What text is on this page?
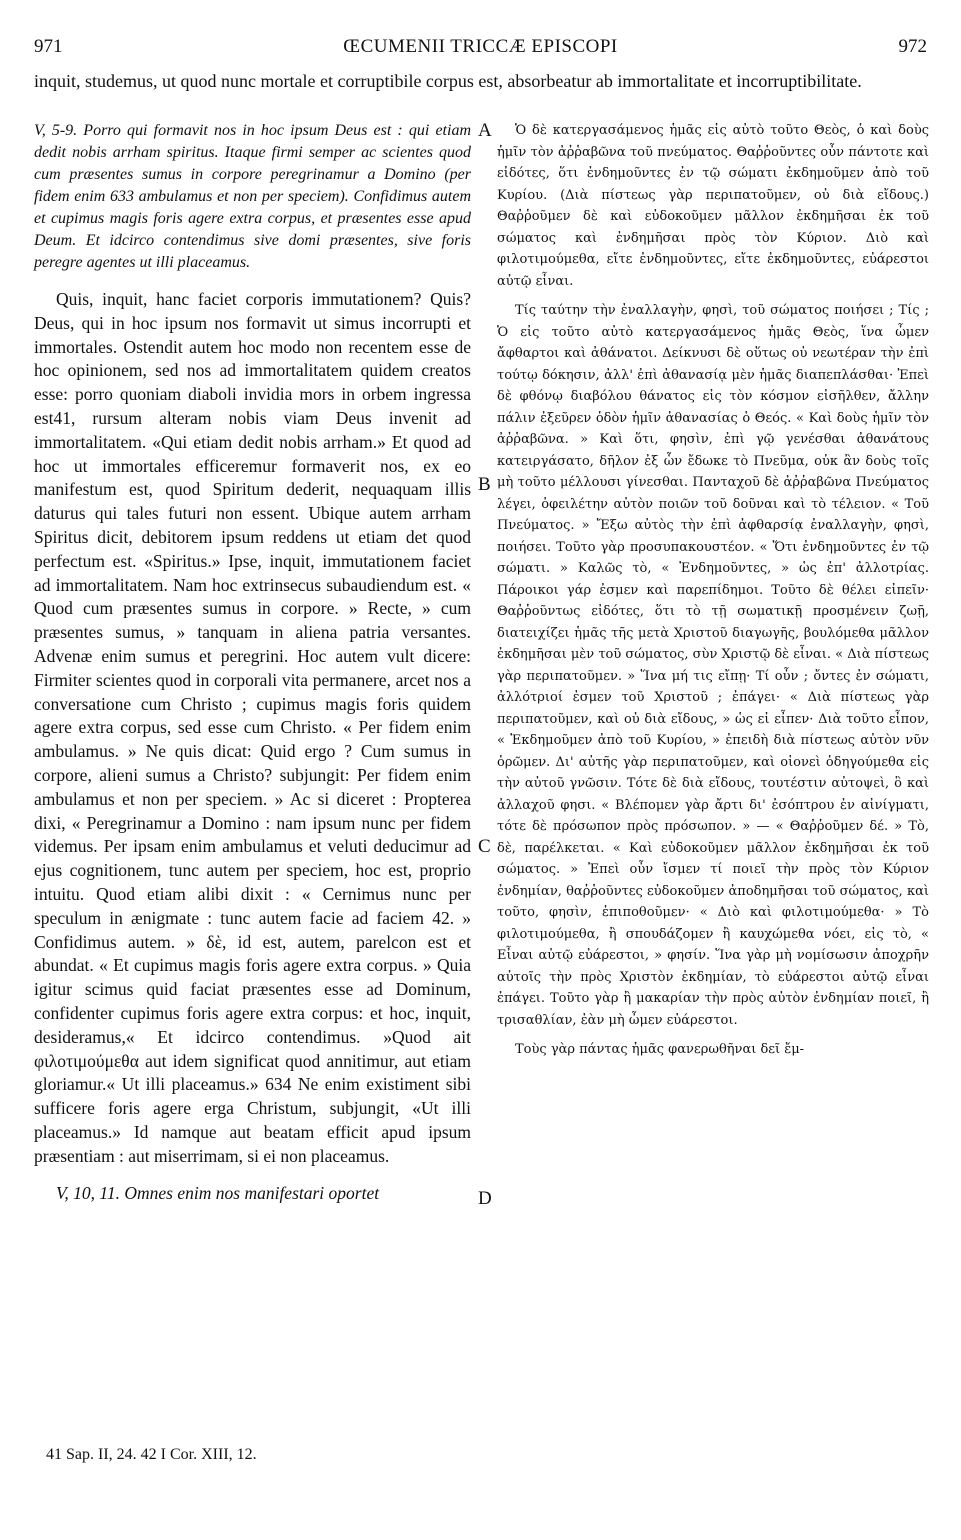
971	ŒCUMENII TRICCÆ EPISCOPI	972
inquit, studemus, ut quod nunc mortale et corruptibile corpus est, absorbeatur ab immortalitate et incorruptibilitate.

V, 5-9. Porro qui formavit nos in hoc ipsum Deus est : qui etiam dedit nobis arrham spiritus. Itaque firmi semper ac scientes quod cum præsentes sumus in corpore peregrinamur a Domino (per fidem enim 633 ambulamus et non per speciem). Confidimus autem et cupimus magis foris agere extra corpus, et præsentes esse apud Deum. Et idcirco contendimus sive domi præsentes, sive foris peregre agentes ut illi placeamus.

Quis, inquit, hanc faciet corporis immutationem? Quis? Deus, qui in hoc ipsum nos formavit ut simus incorrupti et immortales. Ostendit autem hoc modo non recentem esse de hoc opinionem, sed nos ad immortalitatem quidem creatos esse: porro quoniam diaboli invidia mors in orbem ingressa est41, rursum alteram nobis viam Deus invenit ad immortalitatem. «Qui etiam dedit nobis arrham.» Et quod ad hoc ut immortales efficeremur formaverit nos, ex eo manifestum est, quod Spiritum dederit, nequaquam illis daturus qui tales futuri non essent. Ubique autem arrham Spiritus dicit, debitorem ipsum reddens ut etiam det quod perfectum est. «Spiritus.» Ipse, inquit, immutationem faciet ad immortalitatem. Nam hoc extrinsecus subaudiendum est. « Quod cum præsentes sumus in corpore. » Recte, » cum præsentes sumus, » tanquam in aliena patria versantes. Advenæ enim sumus et peregrini. Hoc autem vult dicere: Firmiter scientes quod in corporali vita permanere, arcet nos a conversatione cum Christo ; cupimus magis foris quidem agere extra corpus, sed esse cum Christo. « Per fidem enim ambulamus. » Ne quis dicat: Quid ergo ? Cum sumus in corpore, alieni sumus a Christo? subjungit: Per fidem enim ambulamus et non per speciem. » Ac si diceret : Propterea dixi, « Peregrinamur a Domino : nam ipsum nunc per fidem videmus. Per ipsam enim ambulamus et veluti deducimur ad ejus cognitionem, tunc autem per speciem, hoc est, proprio intuitu. Quod etiam alibi dixit : « Cernimus nunc per speculum in ænigmate : tunc autem facie ad faciem 42. » Confidimus autem. » δὲ, id est, autem, parelcon est et abundat. « Et cupimus magis foris agere extra corpus. » Quia igitur scimus quid faciat præsentes esse ad Dominum, confidenter cupimus foris agere extra corpus: et hoc, inquit, desideramus,« Et idcirco contendimus. »Quod ait φιλοτιμούμεθα aut idem significat quod annitimur, aut etiam gloriamur.« Ut illi placeamus.» 634 Ne enim existiment sibi sufficere foris agere erga Christum, subjungit, «Ut illi placeamus.» Id namque aut beatam efficit apud ipsum præsentiam : aut miserrimam, si ei non placeamus.

V, 10, 11. Omnes enim nos manifestari oportet

A
B
C
D

Ὁ δὲ κατεργασάμενος ἡμᾶς εἰς αὐτὸ τοῦτο Θεὸς, ὁ καὶ δοὺς ἡμῖν τὸν ἀῤῥαβῶνα τοῦ πνεύματος. Θαῤῥοῦντες οὖν πάντοτε καὶ εἰδότες, ὅτι ἐνδημοῦντες ἐν τῷ σώματι ἐκδημοῦμεν ἀπὸ τοῦ Κυρίου. (Διὰ πίστεως γὰρ περιπατοῦμεν, οὐ διὰ εἴδους.) Θαῤῥοῦμεν δὲ καὶ εὐδοκοῦμεν μᾶλλον ἐκδημῆσαι ἐκ τοῦ σώματος καὶ ἐνδημῆσαι πρὸς τὸν Κύριον. Διὸ καὶ φιλοτιμούμεθα, εἴτε ἐνδημοῦντες, εἴτε ἐκδημοῦντες, εὐάρεστοι αὐτῷ εἶναι.

Τίς ταύτην τὴν ἐναλλαγὴν, φησὶ, τοῦ σώματος ποιήσει ; Τίς ; Ὁ εἰς τοῦτο αὐτὸ κατεργασάμενος ἡμᾶς Θεὸς, ἵνα ὦμεν ἄφθαρτοι καὶ ἀθάνατοι. Δείκνυσι δὲ οὕτως οὐ νεωτέραν τὴν ἐπὶ τούτῳ δόκησιν, ἀλλ' ἐπὶ ἀθανασίᾳ μὲν ἡμᾶς διαπεπλάσθαι· Ἐπεὶ δὲ φθόνῳ διαβόλου θάνατος εἰς τὸν κόσμον εἰσῆλθεν, ἄλλην πάλιν ἐξεῦρεν ὁδὸν ἡμῖν ἀθανασίας ὁ Θεός. « Καὶ δοὺς ἡμῖν τὸν ἀῤῥαβῶνα. » Καὶ ὅτι, φησὶν, ἐπὶ γῷ γενέσθαι ἀθανάτους κατειργάσατο, δῆλον ἐξ ὧν ἔδωκε τὸ Πνεῦμα, οὐκ ἂν δοὺς τοῖς μὴ τοῦτο μέλλουσι γίνεσθαι. Πανταχοῦ δὲ ἀῤῥαβῶνα Πνεύματος λέγει, ὀφειλέτην αὐτὸν ποιῶν τοῦ δοῦναι καὶ τὸ τέλειον. « Τοῦ Πνεύματος. » Ἔξω αὐτὸς τὴν ἐπὶ ἀφθαρσίᾳ ἐναλλαγὴν, φησὶ, ποιήσει. Τοῦτο γὰρ προσυπακουστέον. « Ὅτι ἐνδημοῦντες ἐν τῷ σώματι. » Καλῶς τὸ, « Ἐνδημοῦντες, » ὡς ἐπ' ἀλλοτρίας. Πάροικοι γάρ ἐσμεν καὶ παρεπίδημοι. Τοῦτο δὲ θέλει εἰπεῖν· Θαῤῥοῦντως εἰδότες, ὅτι τὸ τῇ σωματικῇ προσμένειν ζωῇ, διατειχίζει ἡμᾶς τῆς μετὰ Χριστοῦ διαγωγῆς, βουλόμεθα μᾶλλον ἐκδημῆσαι μὲν τοῦ σώματος, σὺν Χριστῷ δὲ εἶναι. « Διὰ πίστεως γὰρ περιπατοῦμεν. » Ἵνα μή τις εἴπῃ· Τί οὖν ; ὄντες ἐν σώματι, ἀλλότριοί ἐσμεν τοῦ Χριστοῦ ; ἐπάγει· « Διὰ πίστεως γὰρ περιπατοῦμεν, καὶ οὐ διὰ εἴδους, » ὡς εἰ εἶπεν· Διὰ τοῦτο εἶπον, « Ἐκδημοῦμεν ἀπὸ τοῦ Κυρίου, » ἐπειδὴ διὰ πίστεως αὐτὸν νῦν ὁρῶμεν. Δι' αὐτῆς γὰρ περιπατοῦμεν, καὶ οἱονεὶ ὁδηγούμεθα εἰς τὴν αὐτοῦ γνῶσιν. Τότε δὲ διὰ εἴδους, τουτέστιν αὐτοψεὶ, ὃ καὶ ἀλλαχοῦ φησι. « Βλέπομεν γὰρ ἄρτι δι' ἐσόπτρου ἐν αἰνίγματι, τότε δὲ πρόσωπον πρὸς πρόσωπον. » — « Θαῤῥοῦμεν δέ. » Τὸ, δὲ, παρέλκεται. « Καὶ εὐδοκοῦμεν μᾶλλον ἐκδημῆσαι ἐκ τοῦ σώματος. » Ἐπεὶ οὖν ἴσμεν τί ποιεῖ τὴν πρὸς τὸν Κύριον ἐνδημίαν, θαῤῥοῦντες εὐδοκοῦμεν ἀποδημῆσαι τοῦ σώματος, καὶ τοῦτο, φησὶν, ἐπιποθοῦμεν· « Διὸ καὶ φιλοτιμούμεθα· » Τὸ φιλοτιμούμεθα, ἢ σπουδάζομεν ἢ καυχώμεθα νόει, εἰς τὸ, « Εἶναι αὐτῷ εὐάρεστοι, » φησίν. Ἵνα γὰρ μὴ νομίσωσιν ἀποχρῆν αὐτοῖς τὴν πρὸς Χριστὸν ἐκδημίαν, τὸ εὐάρεστοι αὐτῷ εἶναι ἐπάγει. Τοῦτο γὰρ ἢ μακαρίαν τὴν πρὸς αὐτὸν ἐνδημίαν ποιεῖ, ἢ τρισαθλίαν, ἐὰν μὴ ὦμεν εὐάρεστοι.

Τοὺς γὰρ πάντας ἡμᾶς φανερωθῆναι δεῖ ἔμ-

41 Sap. II, 24. 42 I Cor. XIII, 12.
